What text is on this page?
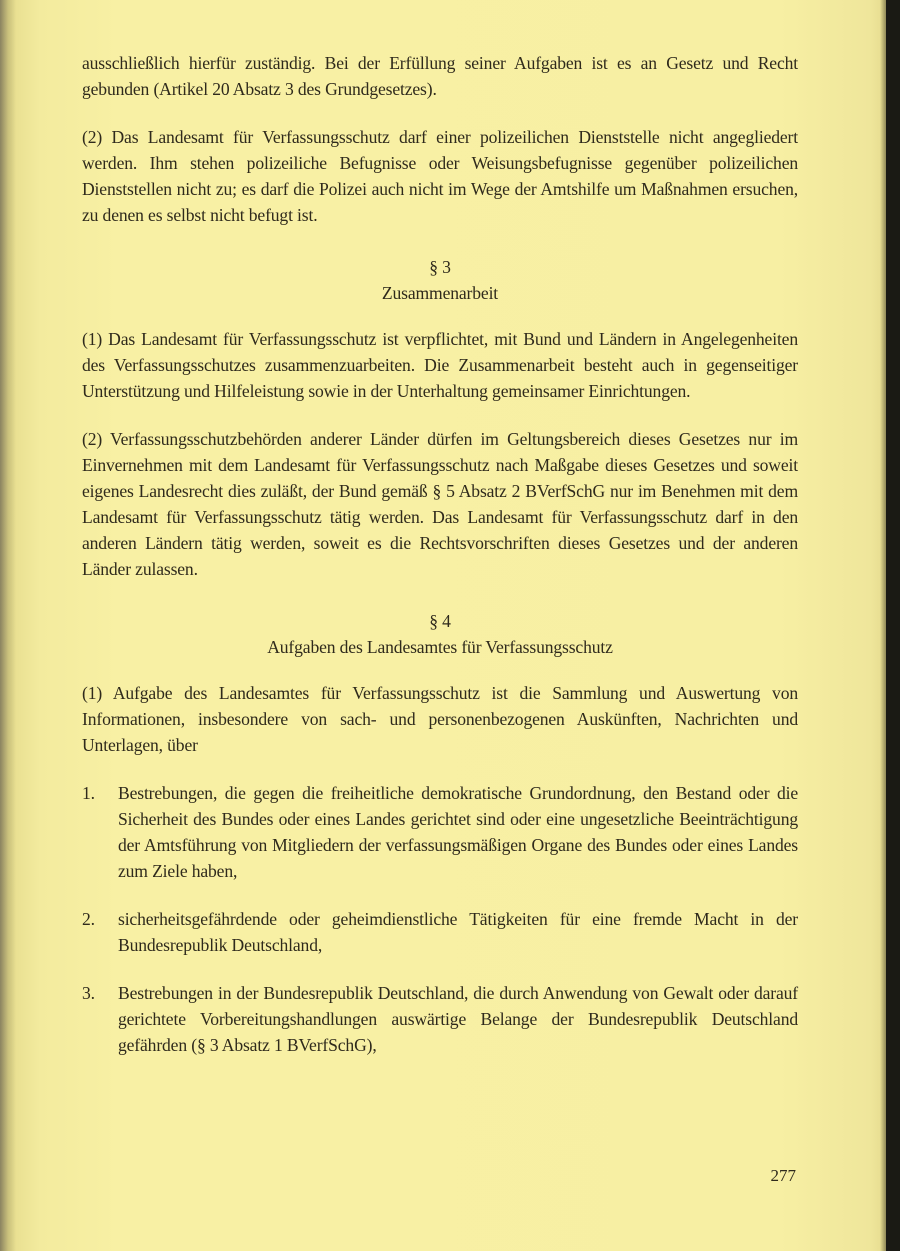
ausschließlich hierfür zuständig. Bei der Erfüllung seiner Aufgaben ist es an Gesetz und Recht gebunden (Artikel 20 Absatz 3 des Grundgesetzes).

(2) Das Landesamt für Verfassungsschutz darf einer polizeilichen Dienststelle nicht angegliedert werden. Ihm stehen polizeiliche Befugnisse oder Weisungsbefugnisse gegenüber polizeilichen Dienststellen nicht zu; es darf die Polizei auch nicht im Wege der Amtshilfe um Maßnahmen ersuchen, zu denen es selbst nicht befugt ist.

§ 3
Zusammenarbeit

(1) Das Landesamt für Verfassungsschutz ist verpflichtet, mit Bund und Ländern in Angelegenheiten des Verfassungsschutzes zusammenzuarbeiten. Die Zusammenarbeit besteht auch in gegenseitiger Unterstützung und Hilfeleistung sowie in der Unterhaltung gemeinsamer Einrichtungen.

(2) Verfassungsschutzbehörden anderer Länder dürfen im Geltungsbereich dieses Gesetzes nur im Einvernehmen mit dem Landesamt für Verfassungsschutz nach Maßgabe dieses Gesetzes und soweit eigenes Landesrecht dies zuläßt, der Bund gemäß § 5 Absatz 2 BVerfSchG nur im Benehmen mit dem Landesamt für Verfassungsschutz tätig werden. Das Landesamt für Verfassungsschutz darf in den anderen Ländern tätig werden, soweit es die Rechtsvorschriften dieses Gesetzes und der anderen Länder zulassen.

§ 4
Aufgaben des Landesamtes für Verfassungsschutz

(1) Aufgabe des Landesamtes für Verfassungsschutz ist die Sammlung und Auswertung von Informationen, insbesondere von sach- und personenbezogenen Auskünften, Nachrichten und Unterlagen, über

1.	Bestrebungen, die gegen die freiheitliche demokratische Grundordnung, den Bestand oder die Sicherheit des Bundes oder eines Landes gerichtet sind oder eine ungesetzliche Beeinträchtigung der Amtsführung von Mitgliedern der verfassungsmäßigen Organe des Bundes oder eines Landes zum Ziele haben,
2.	sicherheitsgefährdende oder geheimdienstliche Tätigkeiten für eine fremde Macht in der Bundesrepublik Deutschland,
3.	Bestrebungen in der Bundesrepublik Deutschland, die durch Anwendung von Gewalt oder darauf gerichtete Vorbereitungshandlungen auswärtige Belange der Bundesrepublik Deutschland gefährden (§ 3 Absatz 1 BVerfSchG),
277
